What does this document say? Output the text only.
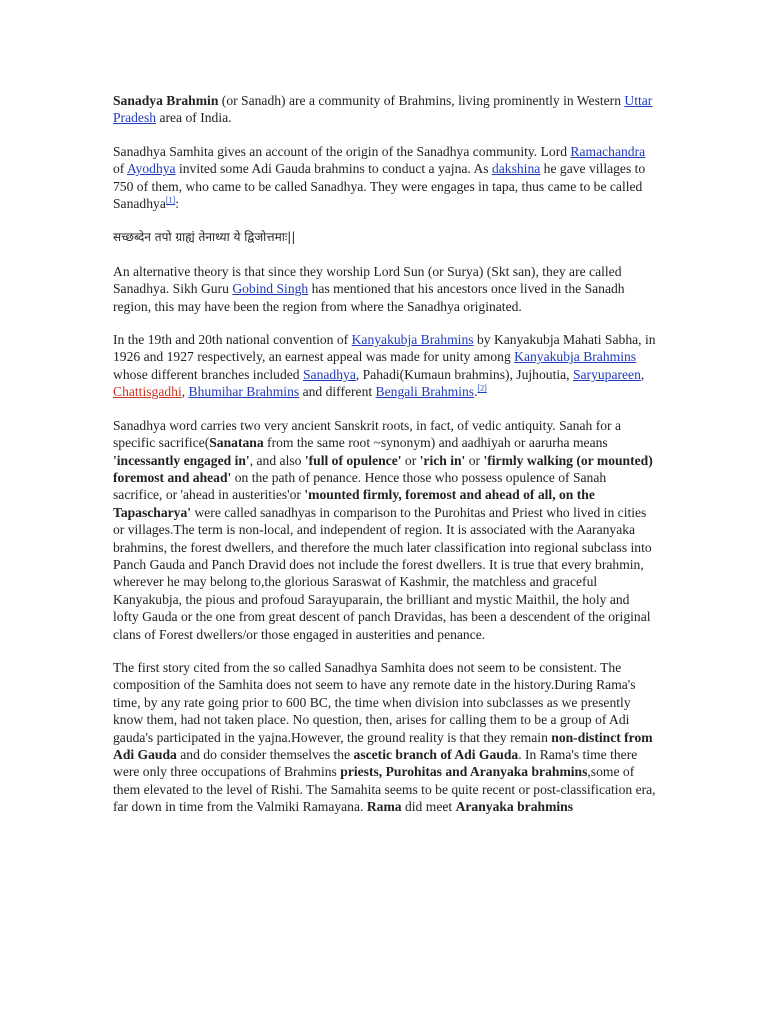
Sanadya Brahmin (or Sanadh) are a community of Brahmins, living prominently in Western Uttar Pradesh area of India.

Sanadhya Samhita gives an account of the origin of the Sanadhya community. Lord Ramachandra of Ayodhya invited some Adi Gauda brahmins to conduct a yajna. As dakshina he gave villages to 750 of them, who came to be called Sanadhya. They were engages in tapa, thus came to be called Sanadhya[1]:

सच्छब्देन तपो ग्राह्यं तेनाध्या ये द्विजोत्तमाः||

An alternative theory is that since they worship Lord Sun (or Surya) (Skt san), they are called Sanadhya. Sikh Guru Gobind Singh has mentioned that his ancestors once lived in the Sanadh region, this may have been the region from where the Sanadhya originated.

In the 19th and 20th national convention of Kanyakubja Brahmins by Kanyakubja Mahati Sabha, in 1926 and 1927 respectively, an earnest appeal was made for unity among Kanyakubja Brahmins whose different branches included Sanadhya, Pahadi(Kumaun brahmins), Jujhoutia, Saryupareen, Chattisgadhi, Bhumihar Brahmins and different Bengali Brahmins.[2]

Sanadhya word carries two very ancient Sanskrit roots, in fact, of vedic antiquity. Sanah for a specific sacrifice(Sanatana from the same root ~synonym) and aadhiyah or aarurha means 'incessantly engaged in', and also 'full of opulence' or 'rich in' or 'firmly walking (or mounted) foremost and ahead' on the path of penance. Hence those who possess opulence of Sanah sacrifice, or 'ahead in austerities'or 'mounted firmly, foremost and ahead of all, on the Tapascharya' were called sanadhyas in comparison to the Purohitas and Priest who lived in cities or villages.The term is non-local, and independent of region. It is associated with the Aaranyaka brahmins, the forest dwellers, and therefore the much later classification into regional subclass into Panch Gauda and Panch Dravid does not include the forest dwellers. It is true that every brahmin, wherever he may belong to,the glorious Saraswat of Kashmir, the matchless and graceful Kanyakubja, the pious and profoud Sarayuparain, the brilliant and mystic Maithil, the holy and lofty Gauda or the one from great descent of panch Dravidas, has been a descendent of the original clans of Forest dwellers/or those engaged in austerities and penance.

The first story cited from the so called Sanadhya Samhita does not seem to be consistent. The composition of the Samhita does not seem to have any remote date in the history.During Rama's time, by any rate going prior to 600 BC, the time when division into subclasses as we presently know them, had not taken place. No question, then, arises for calling them to be a group of Adi gauda's participated in the yajna.However, the ground reality is that they remain non-distinct from Adi Gauda and do consider themselves the ascetic branch of Adi Gauda. In Rama's time there were only three occupations of Brahmins priests, Purohitas and Aranyaka brahmins,some of them elevated to the level of Rishi. The Samahita seems to be quite recent or post-classification era, far down in time from the Valmiki Ramayana. Rama did meet Aranyaka brahmins
